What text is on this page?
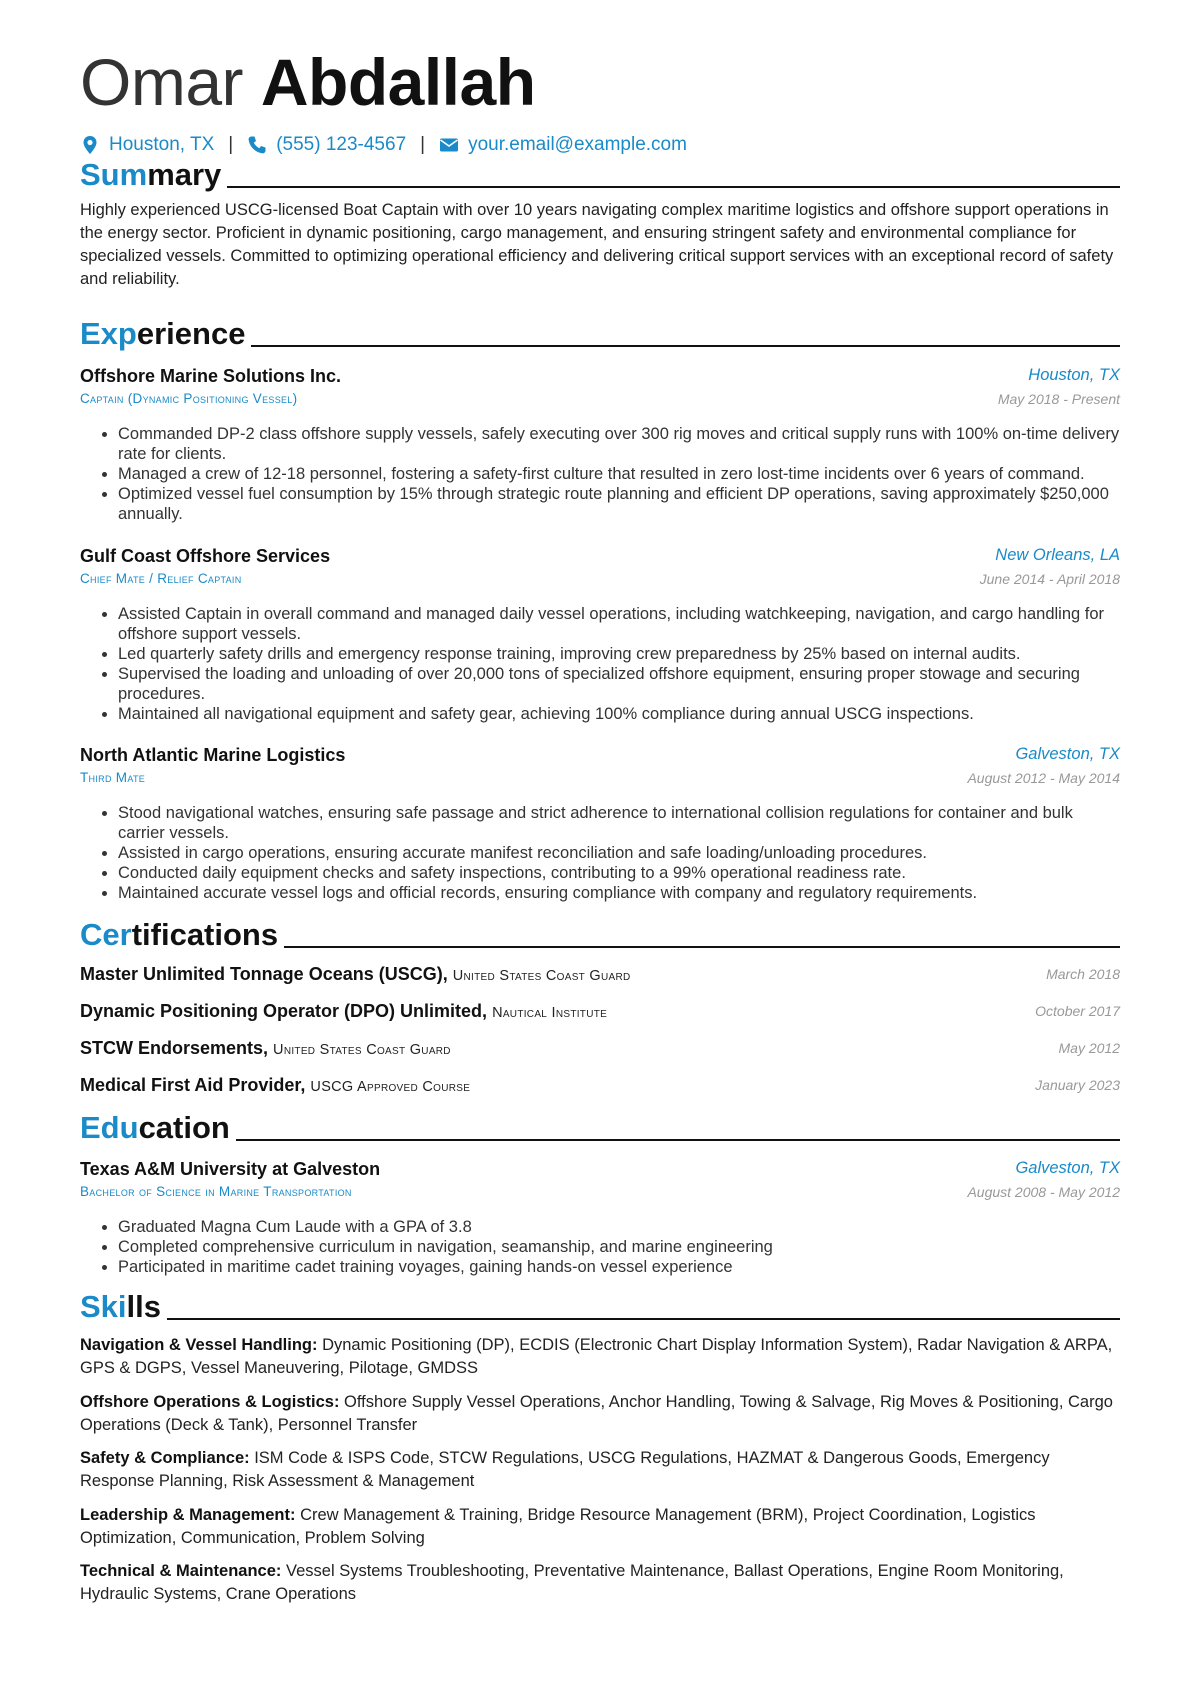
Omar Abdallah
Houston, TX | (555) 123-4567 | your.email@example.com
Summary
Highly experienced USCG-licensed Boat Captain with over 10 years navigating complex maritime logistics and offshore support operations in the energy sector. Proficient in dynamic positioning, cargo management, and ensuring stringent safety and environmental compliance for specialized vessels. Committed to optimizing operational efficiency and delivering critical support services with an exceptional record of safety and reliability.
Experience
Offshore Marine Solutions Inc.	Houston, TX
Captain (Dynamic Positioning Vessel)	May 2018 - Present
• Commanded DP-2 class offshore supply vessels, safely executing over 300 rig moves and critical supply runs with 100% on-time delivery rate for clients.
• Managed a crew of 12-18 personnel, fostering a safety-first culture that resulted in zero lost-time incidents over 6 years of command.
• Optimized vessel fuel consumption by 15% through strategic route planning and efficient DP operations, saving approximately $250,000 annually.
Gulf Coast Offshore Services	New Orleans, LA
Chief Mate / Relief Captain	June 2014 - April 2018
• Assisted Captain in overall command and managed daily vessel operations, including watchkeeping, navigation, and cargo handling for offshore support vessels.
• Led quarterly safety drills and emergency response training, improving crew preparedness by 25% based on internal audits.
• Supervised the loading and unloading of over 20,000 tons of specialized offshore equipment, ensuring proper stowage and securing procedures.
• Maintained all navigational equipment and safety gear, achieving 100% compliance during annual USCG inspections.
North Atlantic Marine Logistics	Galveston, TX
Third Mate	August 2012 - May 2014
• Stood navigational watches, ensuring safe passage and strict adherence to international collision regulations for container and bulk carrier vessels.
• Assisted in cargo operations, ensuring accurate manifest reconciliation and safe loading/unloading procedures.
• Conducted daily equipment checks and safety inspections, contributing to a 99% operational readiness rate.
• Maintained accurate vessel logs and official records, ensuring compliance with company and regulatory requirements.
Certifications
Master Unlimited Tonnage Oceans (USCG), United States Coast Guard	March 2018
Dynamic Positioning Operator (DPO) Unlimited, Nautical Institute	October 2017
STCW Endorsements, United States Coast Guard	May 2012
Medical First Aid Provider, USCG Approved Course	January 2023
Education
Texas A&M University at Galveston	Galveston, TX
Bachelor of Science in Marine Transportation	August 2008 - May 2012
• Graduated Magna Cum Laude with a GPA of 3.8
• Completed comprehensive curriculum in navigation, seamanship, and marine engineering
• Participated in maritime cadet training voyages, gaining hands-on vessel experience
Skills
Navigation & Vessel Handling: Dynamic Positioning (DP), ECDIS (Electronic Chart Display Information System), Radar Navigation & ARPA, GPS & DGPS, Vessel Maneuvering, Pilotage, GMDSS
Offshore Operations & Logistics: Offshore Supply Vessel Operations, Anchor Handling, Towing & Salvage, Rig Moves & Positioning, Cargo Operations (Deck & Tank), Personnel Transfer
Safety & Compliance: ISM Code & ISPS Code, STCW Regulations, USCG Regulations, HAZMAT & Dangerous Goods, Emergency Response Planning, Risk Assessment & Management
Leadership & Management: Crew Management & Training, Bridge Resource Management (BRM), Project Coordination, Logistics Optimization, Communication, Problem Solving
Technical & Maintenance: Vessel Systems Troubleshooting, Preventative Maintenance, Ballast Operations, Engine Room Monitoring, Hydraulic Systems, Crane Operations
